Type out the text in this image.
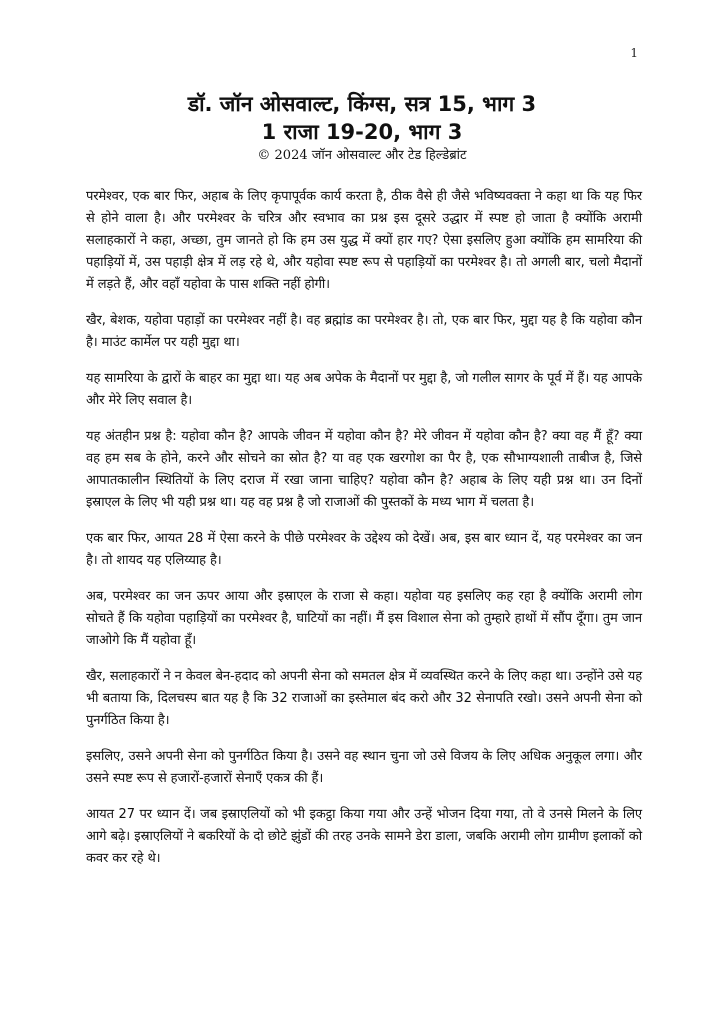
1

डॉ. जॉन ओसवाल्ट, किंग्स, सत्र 15, भाग 3

1 राजा 19-20, भाग 3

© 2024 जॉन ओसवाल्ट और टेड हिल्डेब्रांट

परमेश्वर, एक बार फिर, अहाब के लिए कृपापूर्वक कार्य करता है, ठीक वैसे ही जैसे भविष्यवक्ता ने कहा था कि यह फिर से होने वाला है। और परमेश्वर के चरित्र और स्वभाव का प्रश्न इस दूसरे उद्धार में स्पष्ट हो जाता है क्योंकि अरामी सलाहकारों ने कहा, अच्छा, तुम जानते हो कि हम उस युद्ध में क्यों हार गए? ऐसा इसलिए हुआ क्योंकि हम सामरिया की पहाड़ियों में, उस पहाड़ी क्षेत्र में लड़ रहे थे, और यहोवा स्पष्ट रूप से पहाड़ियों का परमेश्वर है। तो अगली बार, चलो मैदानों में लड़ते हैं, और वहाँ यहोवा के पास शक्ति नहीं होगी।

खैर, बेशक, यहोवा पहाड़ों का परमेश्वर नहीं है। वह ब्रह्मांड का परमेश्वर है। तो, एक बार फिर, मुद्दा यह है कि यहोवा कौन है। माउंट कार्मेल पर यही मुद्दा था।

यह सामरिया के द्वारों के बाहर का मुद्दा था। यह अब अपेक के मैदानों पर मुद्दा है, जो गलील सागर के पूर्व में हैं। यह आपके और मेरे लिए सवाल है।

यह अंतहीन प्रश्न है: यहोवा कौन है? आपके जीवन में यहोवा कौन है? मेरे जीवन में यहोवा कौन है? क्या वह मैं हूँ? क्या वह हम सब के होने, करने और सोचने का स्रोत है? या वह एक खरगोश का पैर है, एक सौभाग्यशाली ताबीज है, जिसे आपातकालीन स्थितियों के लिए दराज में रखा जाना चाहिए? यहोवा कौन है? अहाब के लिए यही प्रश्न था। उन दिनों इस्राएल के लिए भी यही प्रश्न था। यह वह प्रश्न है जो राजाओं की पुस्तकों के मध्य भाग में चलता है।

एक बार फिर, आयत 28 में ऐसा करने के पीछे परमेश्वर के उद्देश्य को देखें। अब, इस बार ध्यान दें, यह परमेश्वर का जन है। तो शायद यह एलिय्याह है।

अब, परमेश्वर का जन ऊपर आया और इस्राएल के राजा से कहा। यहोवा यह इसलिए कह रहा है क्योंकि अरामी लोग सोचते हैं कि यहोवा पहाड़ियों का परमेश्वर है, घाटियों का नहीं। मैं इस विशाल सेना को तुम्हारे हाथों में सौंप दूँगा। तुम जान जाओगे कि मैं यहोवा हूँ।

खैर, सलाहकारों ने न केवल बेन-हदाद को अपनी सेना को समतल क्षेत्र में व्यवस्थित करने के लिए कहा था। उन्होंने उसे यह भी बताया कि, दिलचस्प बात यह है कि 32 राजाओं का इस्तेमाल बंद करो और 32 सेनापति रखो। उसने अपनी सेना को पुनर्गठित किया है।

इसलिए, उसने अपनी सेना को पुनर्गठित किया है। उसने वह स्थान चुना जो उसे विजय के लिए अधिक अनुकूल लगा। और उसने स्पष्ट रूप से हजारों-हजारों सेनाएँ एकत्र की हैं।

आयत 27 पर ध्यान दें। जब इस्राएलियों को भी इकट्ठा किया गया और उन्हें भोजन दिया गया, तो वे उनसे मिलने के लिए आगे बढ़े। इस्राएलियों ने बकरियों के दो छोटे झुंडों की तरह उनके सामने डेरा डाला, जबकि अरामी लोग ग्रामीण इलाकों को कवर कर रहे थे।
